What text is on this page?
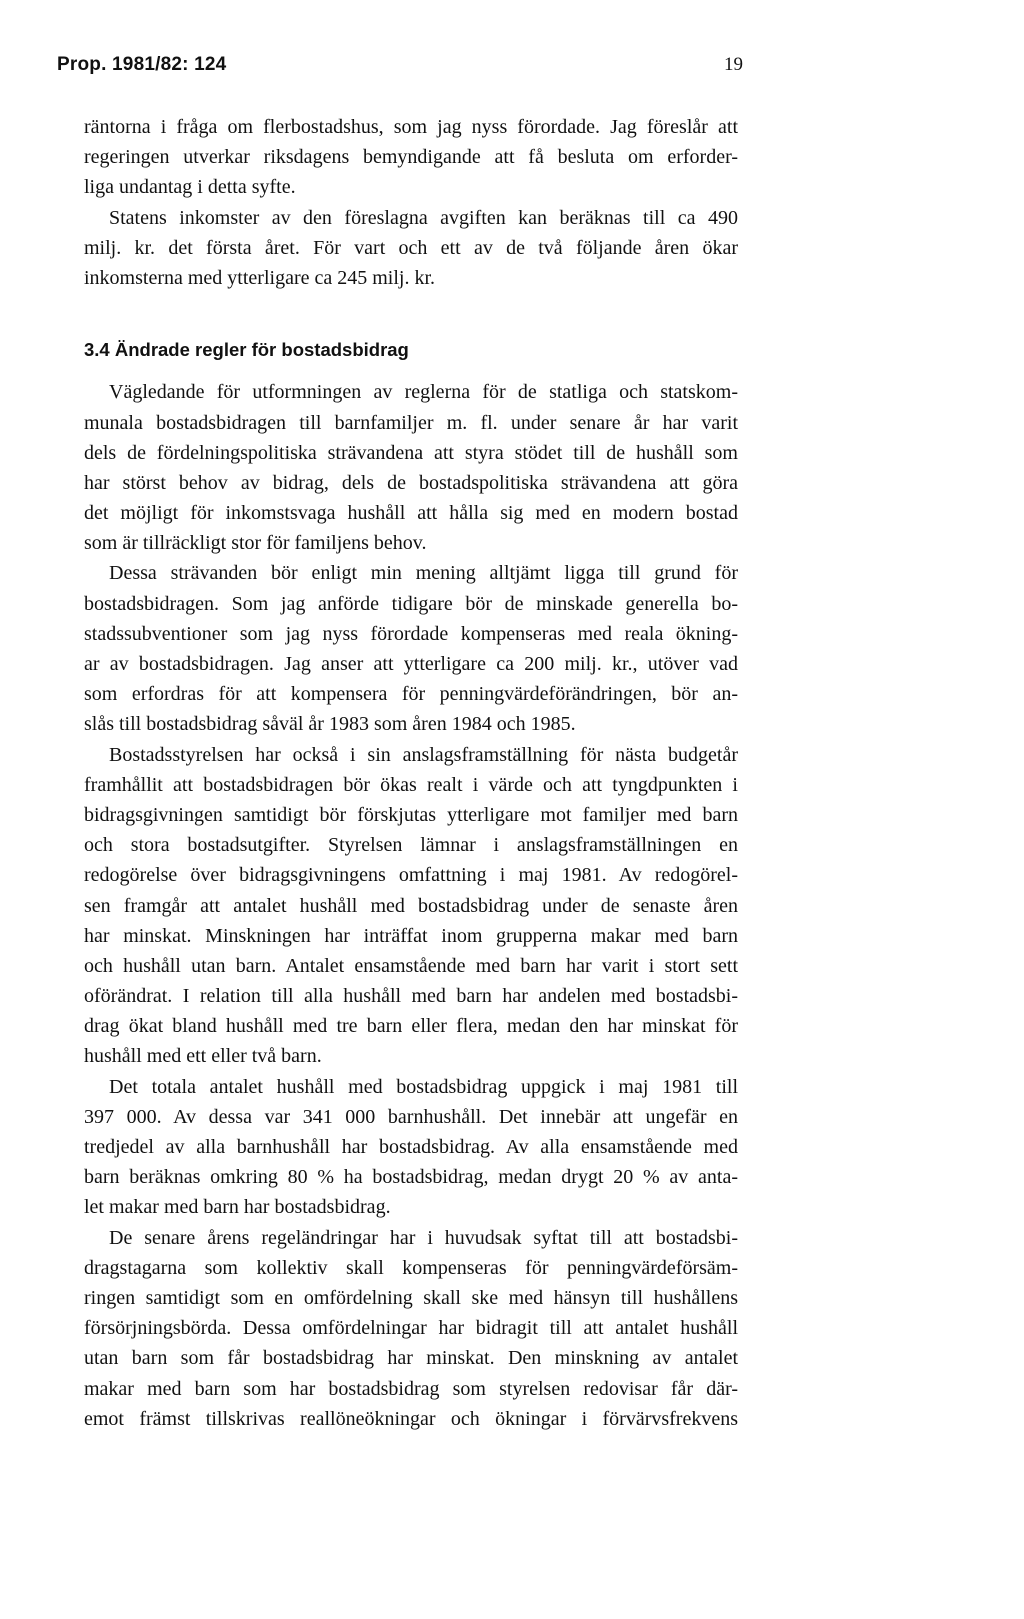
Prop. 1981/82: 124	19
räntorna i fråga om flerbostadshus, som jag nyss förordade. Jag föreslår att
regeringen utverkar riksdagens bemyndigande att få besluta om erforder-
liga undantag i detta syfte.
Statens inkomster av den föreslagna avgiften kan beräknas till ca 490
milj. kr. det första året. För vart och ett av de två följande åren ökar
inkomsterna med ytterligare ca 245 milj. kr.
3.4 Ändrade regler för bostadsbidrag
Vägledande för utformningen av reglerna för de statliga och statskom-
munala bostadsbidragen till barnfamiljer m. fl. under senare år har varit
dels de fördelningspolitiska strävandena att styra stödet till de hushåll som
har störst behov av bidrag, dels de bostadspolitiska strävandena att göra
det möjligt för inkomstsvaga hushåll att hålla sig med en modern bostad
som är tillräckligt stor för familjens behov.
Dessa strävanden bör enligt min mening alltjämt ligga till grund för
bostadsbidragen. Som jag anförde tidigare bör de minskade generella bo-
stadssubventioner som jag nyss förordade kompenseras med reala ökning-
ar av bostadsbidragen. Jag anser att ytterligare ca 200 milj. kr., utöver vad
som erfordras för att kompensera för penningvärdeförändringen, bör an-
slås till bostadsbidrag såväl år 1983 som åren 1984 och 1985.
Bostadsstyrelsen har också i sin anslagsframställning för nästa budgetår
framhållit att bostadsbidragen bör ökas realt i värde och att tyngdpunkten i
bidragsgivningen samtidigt bör förskjutas ytterligare mot familjer med barn
och stora bostadsutgifter. Styrelsen lämnar i anslagsframställningen en
redogörelse över bidragsgivningens omfattning i maj 1981. Av redogörel-
sen framgår att antalet hushåll med bostadsbidrag under de senaste åren
har minskat. Minskningen har inträffat inom grupperna makar med barn
och hushåll utan barn. Antalet ensamstående med barn har varit i stort sett
oförändrat. I relation till alla hushåll med barn har andelen med bostadsbi-
drag ökat bland hushåll med tre barn eller flera, medan den har minskat för
hushåll med ett eller två barn.
Det totala antalet hushåll med bostadsbidrag uppgick i maj 1981 till
397 000. Av dessa var 341 000 barnhushåll. Det innebär att ungefär en
tredjedel av alla barnhushåll har bostadsbidrag. Av alla ensamstående med
barn beräknas omkring 80 % ha bostadsbidrag, medan drygt 20 % av anta-
let makar med barn har bostadsbidrag.
De senare årens regeländringar har i huvudsak syftat till att bostadsbi-
dragstagarna som kollektiv skall kompenseras för penningvärdeförsäm-
ringen samtidigt som en omfördelning skall ske med hänsyn till hushållens
försörjningsbörda. Dessa omfördelningar har bidragit till att antalet hushåll
utan barn som får bostadsbidrag har minskat. Den minskning av antalet
makar med barn som har bostadsbidrag som styrelsen redovisar får där-
emot främst tillskrivas reallöneökningar och ökningar i förvärvsfrekvens
